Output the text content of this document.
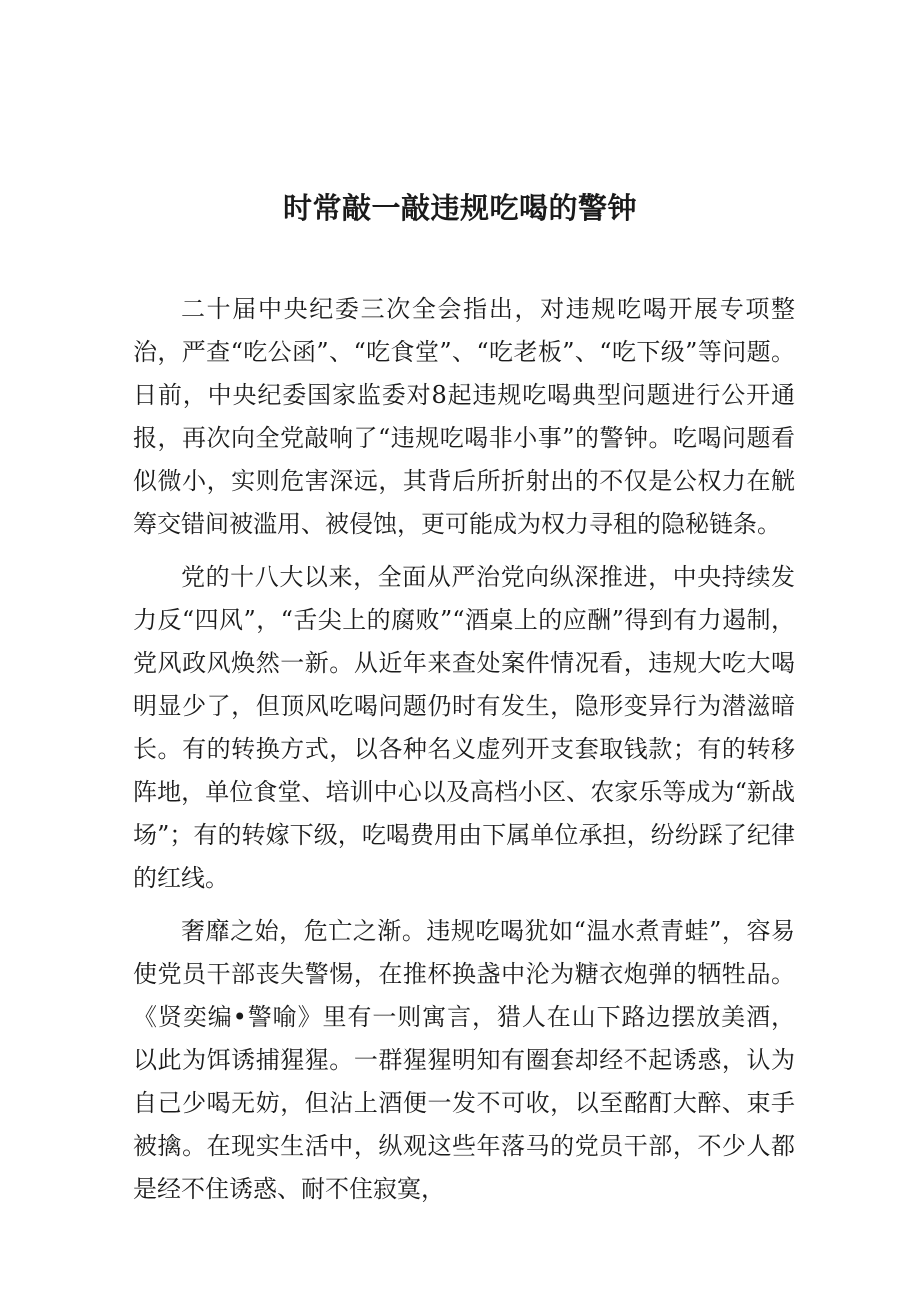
时常敲一敲违规吃喝的警钟

二十届中央纪委三次全会指出，对违规吃喝开展专项整治，严查“吃公函”、“吃食堂”、“吃老板”、“吃下级”等问题。日前，中央纪委国家监委对8起违规吃喝典型问题进行公开通报，再次向全党敲响了“违规吃喝非小事”的警钟。吃喝问题看似微小，实则危害深远，其背后所折射出的不仅是公权力在觥筹交错间被滥用、被侵蚀，更可能成为权力寻租的隐秘链条。

党的十八大以来，全面从严治党向纵深推进，中央持续发力反“四风”，“舌尖上的腐败”“酒桌上的应酬”得到有力遏制，党风政风焕然一新。从近年来查处案件情况看，违规大吃大喝明显少了，但顶风吃喝问题仍时有发生，隐形变异行为潜滋暗长。有的转换方式，以各种名义虚列开支套取钱款；有的转移阵地，单位食堂、培训中心以及高档小区、农家乐等成为“新战场”；有的转嫁下级，吃喝费用由下属单位承担，纷纷踩了纪律的红线。

奢靡之始，危亡之渐。违规吃喝犹如“温水煮青蛙”，容易使党员干部丧失警惕，在推杯换盏中沦为糖衣炮弹的牺牲品。《贤奕编•警喻》里有一则寓言，猎人在山下路边摆放美酒，以此为饵诱捕猩猩。一群猩猩明知有圈套却经不起诱惑，认为自己少喝无妨，但沾上酒便一发不可收，以至酩酊大醉、束手被擒。在现实生活中，纵观这些年落马的党员干部，不少人都是经不住诱惑、耐不住寂寞，
